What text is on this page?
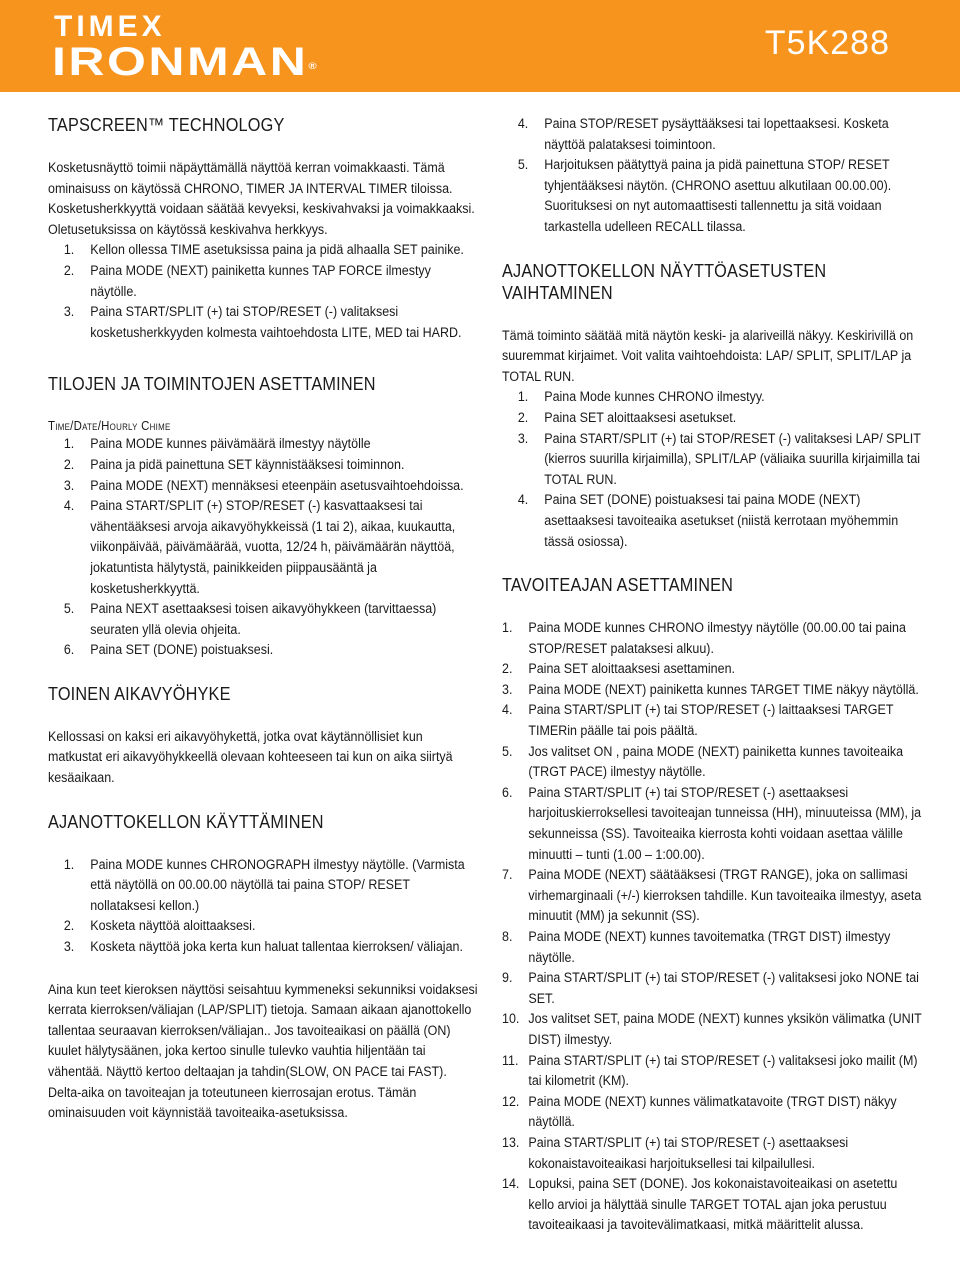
TIMEX
IRONMAN®
T5K288
TAPSCREEN™ TECHNOLOGY

Kosketusnäyttö toimii näpäyttämällä näyttöä kerran voimakkaasti. Tämä ominaisuss on käytössä CHRONO, TIMER JA INTERVAL TIMER tiloissa. Kosketusherkkyyttä voidaan säätää kevyeksi, keskivahvaksi ja voimakkaaksi. Oletusetuksissa on käytössä keskivahva herkkyys.

1.	Kellon ollessa TIME asetuksissa paina ja pidä alhaalla SET painike.
2.	Paina MODE (NEXT) painiketta kunnes TAP FORCE ilmestyy näytölle.
3.	Paina START/SPLIT (+) tai STOP/RESET (-) valitaksesi kosketusherkkyyden kolmesta vaihtoehdosta LITE, MED tai HARD.
TILOJEN JA TOIMINTOJEN ASETTAMINEN
Time/Date/Hourly Chime
1.	Paina MODE kunnes päivämäärä ilmestyy näytölle
2.	Paina ja pidä painettuna SET käynnistääksesi toiminnon.
3.	Paina MODE (NEXT) mennäksesi eteenpäin asetusvaihtoehdoissa.
4.	Paina START/SPLIT (+) STOP/RESET (-) kasvattaaksesi tai vähentääksesi arvoja aikavyöhykkeissä (1 tai 2), aikaa, kuukautta, viikonpäivää, päivämäärää, vuotta, 12/24 h, päivämäärän näyttöä, jokatuntista hälytystä, painikkeiden piippausääntä ja kosketusherkkyyttä.
5.	Paina NEXT asettaaksesi toisen aikavyöhykkeen (tarvittaessa) seuraten yllä olevia ohjeita.
6.	Paina SET (DONE) poistuaksesi.
TOINEN AIKAVYÖHYKE

Kellossasi on kaksi eri aikavyöhykettä, jotka ovat käytännöllisiet kun matkustat eri aikavyöhykkeellä olevaan kohteeseen tai kun on aika siirtyä kesäaikaan.

AJANOTTOKELLON KÄYTTÄMINEN
1.	Paina MODE kunnes CHRONOGRAPH ilmestyy näytölle. (Varmista että näytöllä on 00.00.00 näytöllä tai paina STOP/ RESET nollataksesi kellon.)
2.	Kosketa näyttöä aloittaaksesi.
3.	Kosketa näyttöä joka kerta kun haluat tallentaa kierroksen/ väliajan.

Aina kun teet kieroksen näyttösi seisahtuu kymmeneksi sekunniksi voidaksesi kerrata kierroksen/väliajan (LAP/SPLIT) tietoja. Samaan aikaan ajanottokello tallentaa seuraavan kierroksen/väliajan.. Jos tavoiteaikasi on päällä (ON) kuulet hälytysäänen, joka kertoo sinulle tulevko vauhtia hiljentään tai vähentää. Näyttö kertoo deltaajan ja tahdin(SLOW, ON PACE tai FAST). Delta-aika on tavoiteajan ja toteutuneen kierrosajan erotus. Tämän ominaisuuden voit käynnistää tavoiteaika-asetuksissa.

4.	Paina STOP/RESET pysäyttääksesi tai lopettaaksesi. Kosketa näyttöä palataksesi toimintoon.
5.	Harjoituksen päätyttyä paina ja pidä painettuna STOP/ RESET tyhjentääksesi näytön. (CHRONO asettuu alkutilaan 00.00.00). Suorituksesi on nyt automaattisesti tallennettu ja sitä voidaan tarkastella udelleen RECALL tilassa.
AJANOTTOKELLON NÄYTTÖASETUSTEN VAIHTAMINEN

Tämä toiminto säätää mitä näytön keski- ja alariveillä näkyy. Keskirivillä on suuremmat kirjaimet. Voit valita vaihtoehdoista: LAP/ SPLIT, SPLIT/LAP ja TOTAL RUN.

1.	Paina Mode kunnes CHRONO ilmestyy.
2.	Paina SET aloittaaksesi asetukset.
3.	Paina START/SPLIT (+) tai STOP/RESET (-) valitaksesi LAP/ SPLIT (kierros suurilla kirjaimilla), SPLIT/LAP (väliaika suurilla kirjaimilla tai TOTAL RUN.
4.	Paina SET (DONE) poistuaksesi tai paina MODE (NEXT) asettaaksesi tavoiteaika asetukset (niistä kerrotaan myöhemmin tässä osiossa).
TAVOITEAJAN ASETTAMINEN
1.	Paina MODE kunnes CHRONO ilmestyy näytölle (00.00.00 tai paina STOP/RESET palataksesi alkuu).
2.	Paina SET aloittaaksesi asettaminen.
3.	Paina MODE (NEXT) painiketta kunnes TARGET TIME näkyy näytöllä.
4.	Paina START/SPLIT (+) tai STOP/RESET (-) laittaaksesi TARGET TIMERin päälle tai pois päältä.
5.	Jos valitset ON , paina MODE (NEXT) painiketta kunnes tavoiteaika (TRGT PACE) ilmestyy näytölle.
6.	Paina START/SPLIT (+) tai STOP/RESET (-) asettaaksesi harjoituskierroksellesi tavoiteajan tunneissa (HH), minuuteissa (MM), ja sekunneissa (SS). Tavoiteaika kierrosta kohti voidaan asettaa välille minuutti – tunti (1.00 – 1:00.00).
7.	Paina MODE (NEXT) säätääksesi (TRGT RANGE), joka on sallimasi virhemarginaali (+/-) kierroksen tahdille. Kun tavoiteaika ilmestyy, aseta minuutit (MM) ja sekunnit (SS).
8.	Paina MODE (NEXT) kunnes tavoitematka (TRGT DIST) ilmestyy näytölle.
9.	Paina START/SPLIT (+) tai STOP/RESET (-) valitaksesi joko NONE tai SET.
10. Jos valitset SET, paina MODE (NEXT) kunnes yksikön välimatka (UNIT DIST) ilmestyy.
11. Paina START/SPLIT (+) tai STOP/RESET (-) valitaksesi joko mailit (M) tai kilometrit (KM).
12. Paina MODE (NEXT) kunnes välimatkatavoite (TRGT DIST) näkyy näytöllä.
13. Paina START/SPLIT (+) tai STOP/RESET (-) asettaaksesi kokonaistavoiteaikasi harjoituksellesi tai kilpailullesi.
14. Lopuksi, paina SET (DONE). Jos kokonaistavoiteaikasi on asetettu kello arvioi ja hälyttää sinulle TARGET TOTAL ajan joka perustuu tavoiteaikaasi ja tavoitevälimatkaasi, mitkä määrittelit alussa.
